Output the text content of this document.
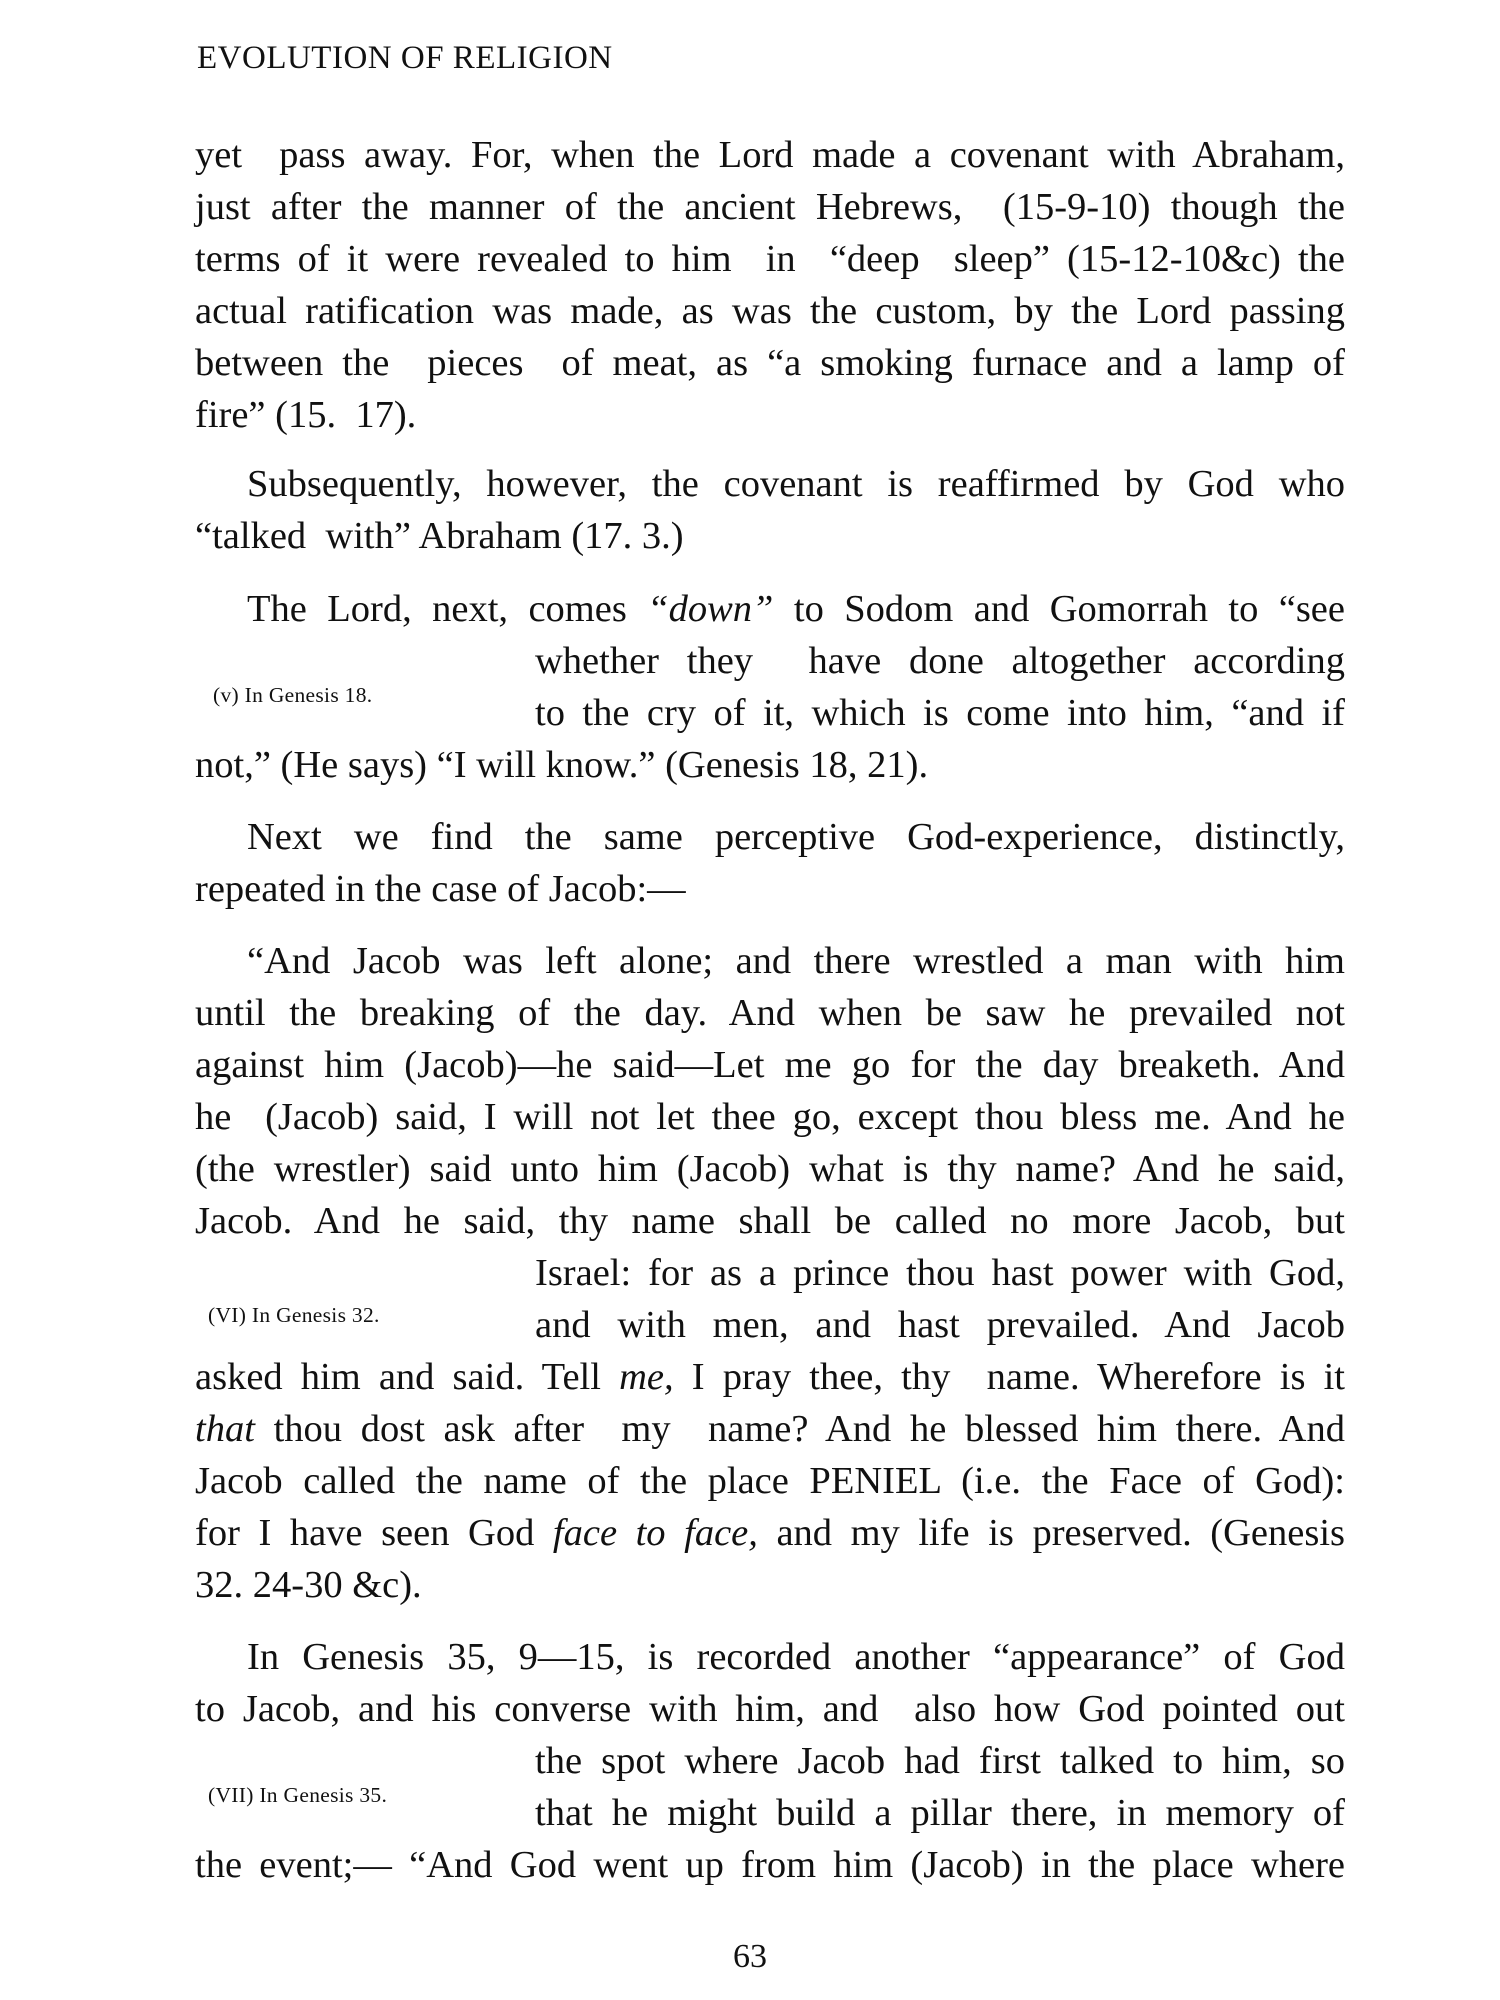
EVOLUTION OF RELIGION
yet  pass away. For, when the Lord made a covenant with Abraham,
just after the manner of the ancient Hebrews,  (15-9-10) though the
terms of it were revealed to him  in  “deep  sleep” (15-12-10&c) the
actual ratification was made, as was the custom, by the Lord passing
between the  pieces  of meat, as “a smoking furnace and a lamp of
fire” (15.  17).
Subsequently, however, the covenant is reaffirmed by God who
“talked  with” Abraham (17. 3.)
The Lord, next, comes “down” to Sodom and Gomorrah to “see
whether they  have done altogether according
(v) In Genesis 18.	to the cry of it, which is come into him, “and if
not,” (He says) “I will know.” (Genesis 18, 21).
Next we find the same perceptive God-experience, distinctly,
repeated in the case of Jacob:—
“And Jacob was left alone; and there wrestled a man with him
until the breaking of the day. And when be saw he prevailed not
against him (Jacob)—he said—Let me go for the day breaketh. And
he  (Jacob) said, I will not let thee go, except thou bless me. And he
(the wrestler) said unto him (Jacob) what is thy name? And he said,
Jacob. And he said, thy name shall be called no more Jacob, but
Israel: for as a prince thou hast power with God,
(VI) In Genesis 32.	and with men, and hast prevailed. And Jacob
asked him and said. Tell me, I pray thee, thy  name. Wherefore is it
that thou dost ask after  my  name? And he blessed him there. And
Jacob called the name of the place PENIEL (i.e. the Face of God):
for I have seen God face to face, and my life is preserved. (Genesis
32. 24-30 &c).
In Genesis 35, 9—15, is recorded another “appearance” of God
to Jacob, and his converse with him, and  also how God pointed out
the spot where Jacob had first talked to him, so
(VII) In Genesis 35.	that he might build a pillar there, in memory of
the event;— “And God went up from him (Jacob) in the place where
63
